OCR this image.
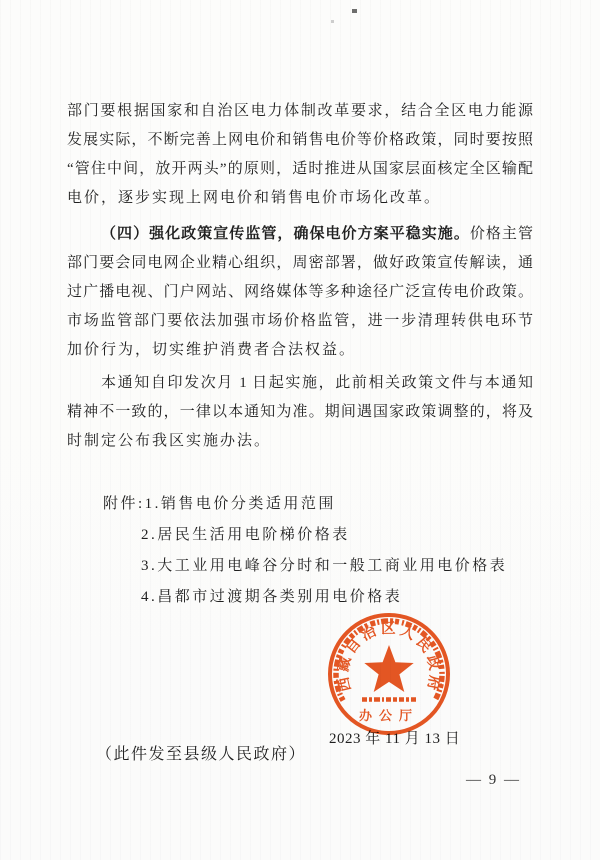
部门要根据国家和自治区电力体制改革要求，结合全区电力能源
发展实际，不断完善上网电价和销售电价等价格政策，同时要按照
“管住中间，放开两头”的原则，适时推进从国家层面核定全区输配
电价，逐步实现上网电价和销售电价市场化改革。
（四）强化政策宣传监管，确保电价方案平稳实施。价格主管
部门要会同电网企业精心组织，周密部署，做好政策宣传解读，通
过广播电视、门户网站、网络媒体等多种途径广泛宣传电价政策。
市场监管部门要依法加强市场价格监管，进一步清理转供电环节
加价行为，切实维护消费者合法权益。
本通知自印发次月 1 日起实施，此前相关政策文件与本通知
精神不一致的，一律以本通知为准。期间遇国家政策调整的，将及
时制定公布我区实施办法。
附件:1.销售电价分类适用范围
2.居民生活用电阶梯价格表
3.大工业用电峰谷分时和一般工商业用电价格表
4.昌都市过渡期各类别用电价格表
2023 年 11 月 13 日
西藏自治区人民政府
办公厅
（此件发至县级人民政府）
— 9 —
